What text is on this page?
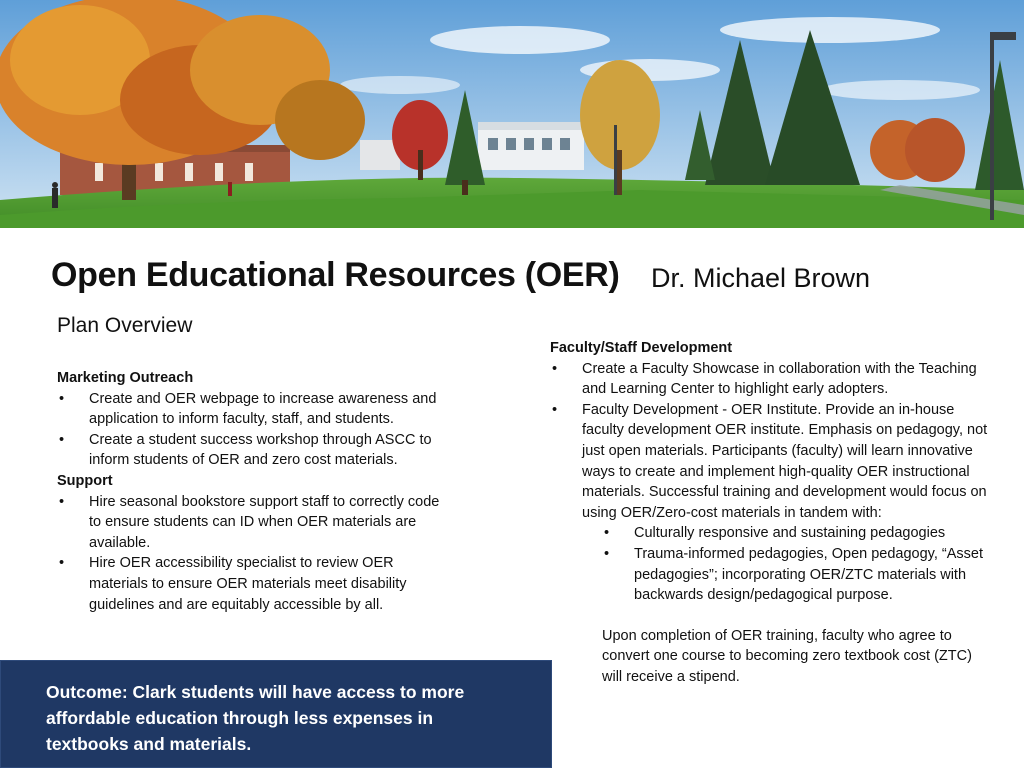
Open Educational Resources (OER) Dr. Michael Brown
Plan Overview
Marketing Outreach
• Create and OER webpage to increase awareness and application to inform faculty, staff, and students.
• Create a student success workshop through ASCC to inform students of OER and zero cost materials.
Support
• Hire seasonal bookstore support staff to correctly code to ensure students can ID when OER materials are available.
• Hire OER accessibility specialist to review OER materials to ensure OER materials meet disability guidelines and are equitably accessible by all.
Faculty/Staff Development
• Create a Faculty Showcase in collaboration with the Teaching and Learning Center to highlight early adopters.
• Faculty Development - OER Institute. Provide an in-house faculty development OER institute. Emphasis on pedagogy, not just open materials. Participants (faculty) will learn innovative ways to create and implement high-quality OER instructional materials. Successful training and development would focus on using OER/Zero-cost materials in tandem with:
• Culturally responsive and sustaining pedagogies
• Trauma-informed pedagogies, Open pedagogy, “Asset pedagogies”; incorporating OER/ZTC materials with backwards design/pedagogical purpose.
Upon completion of OER training, faculty who agree to convert one course to becoming zero textbook cost (ZTC) will receive a stipend.

Outcome: Clark students will have access to more affordable education through less expenses in textbooks and materials.
